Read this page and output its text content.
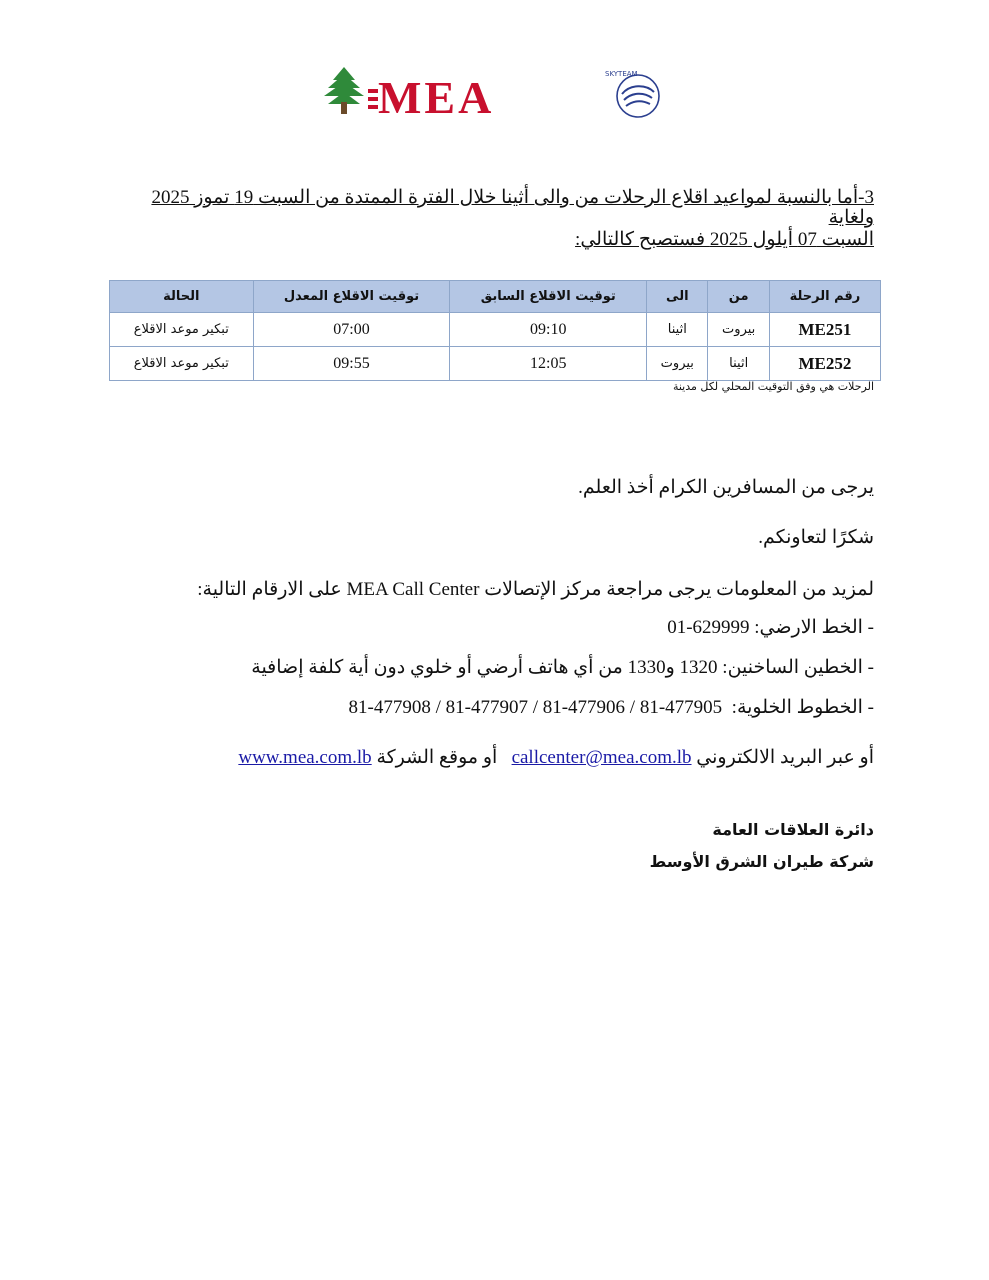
MEA	SKYTEAM
3-أما بالنسبة لمواعيد اقلاع الرحلات من والى أثينا خلال الفترة الممتدة من السبت 19 تموز 2025 ولغاية
السبت 07 أيلول 2025 فستصبح كالتالي:
رقم الرحلة	من	الى	توقيت الاقلاع السابق	توقيت الاقلاع المعدل	الحالة
ME251	بيروت	اثينا	09:10	07:00	تبكير موعد الاقلاع
ME252	اثينا	بيروت	12:05	09:55	تبكير موعد الاقلاع
الرحلات هي وفق التوقيت المحلي لكل مدينة
يرجى من المسافرين الكرام أخذ العلم.
شكرًا لتعاونكم.
لمزيد من المعلومات يرجى مراجعة مركز الإتصالات MEA Call Center على الارقام التالية:
- الخط الارضي: 629999-01
- الخطين الساخنين: 1320 و1330 من أي هاتف أرضي أو خلوي دون أية كلفة إضافية
- الخطوط الخلوية:  81-477908 / 81-477907 / 81-477906 / 81-477905
أو عبر البريد الالكتروني callcenter@mea.com.lb   أو موقع الشركة www.mea.com.lb
دائرة العلاقات العامة
شركة طيران الشرق الأوسط
